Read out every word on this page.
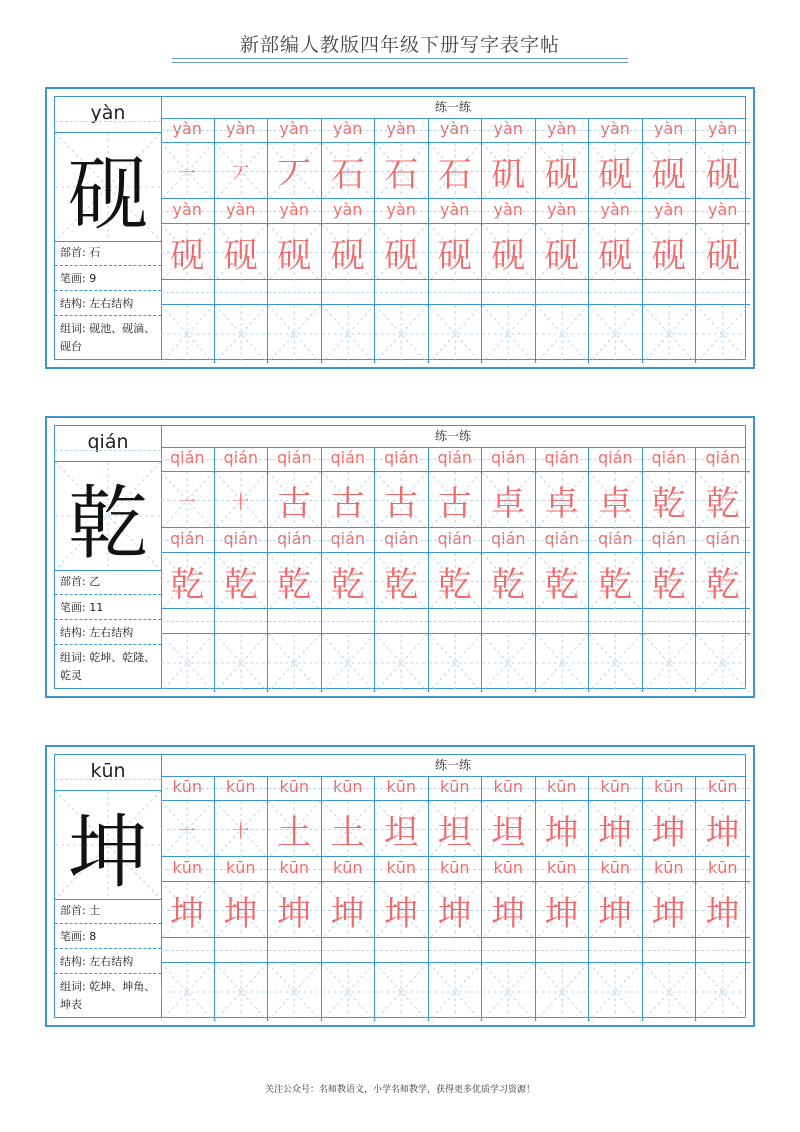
新部编人教版四年级下册写字表字帖
yàn
砚
部首 : 石
笔画 : 9
结构 : 左右结构
组词 : 砚池、砚滴、砚台
练一练
yàn
一
yàn
丆
yàn
丆
yàn
石
yàn
石
yàn
石
yàn
矶
yàn
砚
yàn
砚
yàn
砚
yàn
砚
yàn
砚
yàn
砚
yàn
砚
yàn
砚
yàn
砚
yàn
砚
yàn
砚
yàn
砚
yàn
砚
yàn
砚
yàn
砚
qián
乾
部首 : 乙
笔画 : 11
结构 : 左右结构
组词 : 乾坤、乾隆、乾灵
练一练
qián
一
qián
十
qián
古
qián
古
qián
古
qián
古
qián
卓
qián
卓
qián
卓
qián
乾
qián
乾
qián
乾
qián
乾
qián
乾
qián
乾
qián
乾
qián
乾
qián
乾
qián
乾
qián
乾
qián
乾
qián
乾
kūn
坤
部首 : 土
笔画 : 8
结构 : 左右结构
组词 : 乾坤、坤角、坤表
练一练
kūn
一
kūn
十
kūn
土
kūn
土
kūn
坦
kūn
坦
kūn
坦
kūn
坤
kūn
坤
kūn
坤
kūn
坤
kūn
坤
kūn
坤
kūn
坤
kūn
坤
kūn
坤
kūn
坤
kūn
坤
kūn
坤
kūn
坤
kūn
坤
kūn
坤
关注公众号：名师教语文，小学名师教学，获得更多优质学习资源！
